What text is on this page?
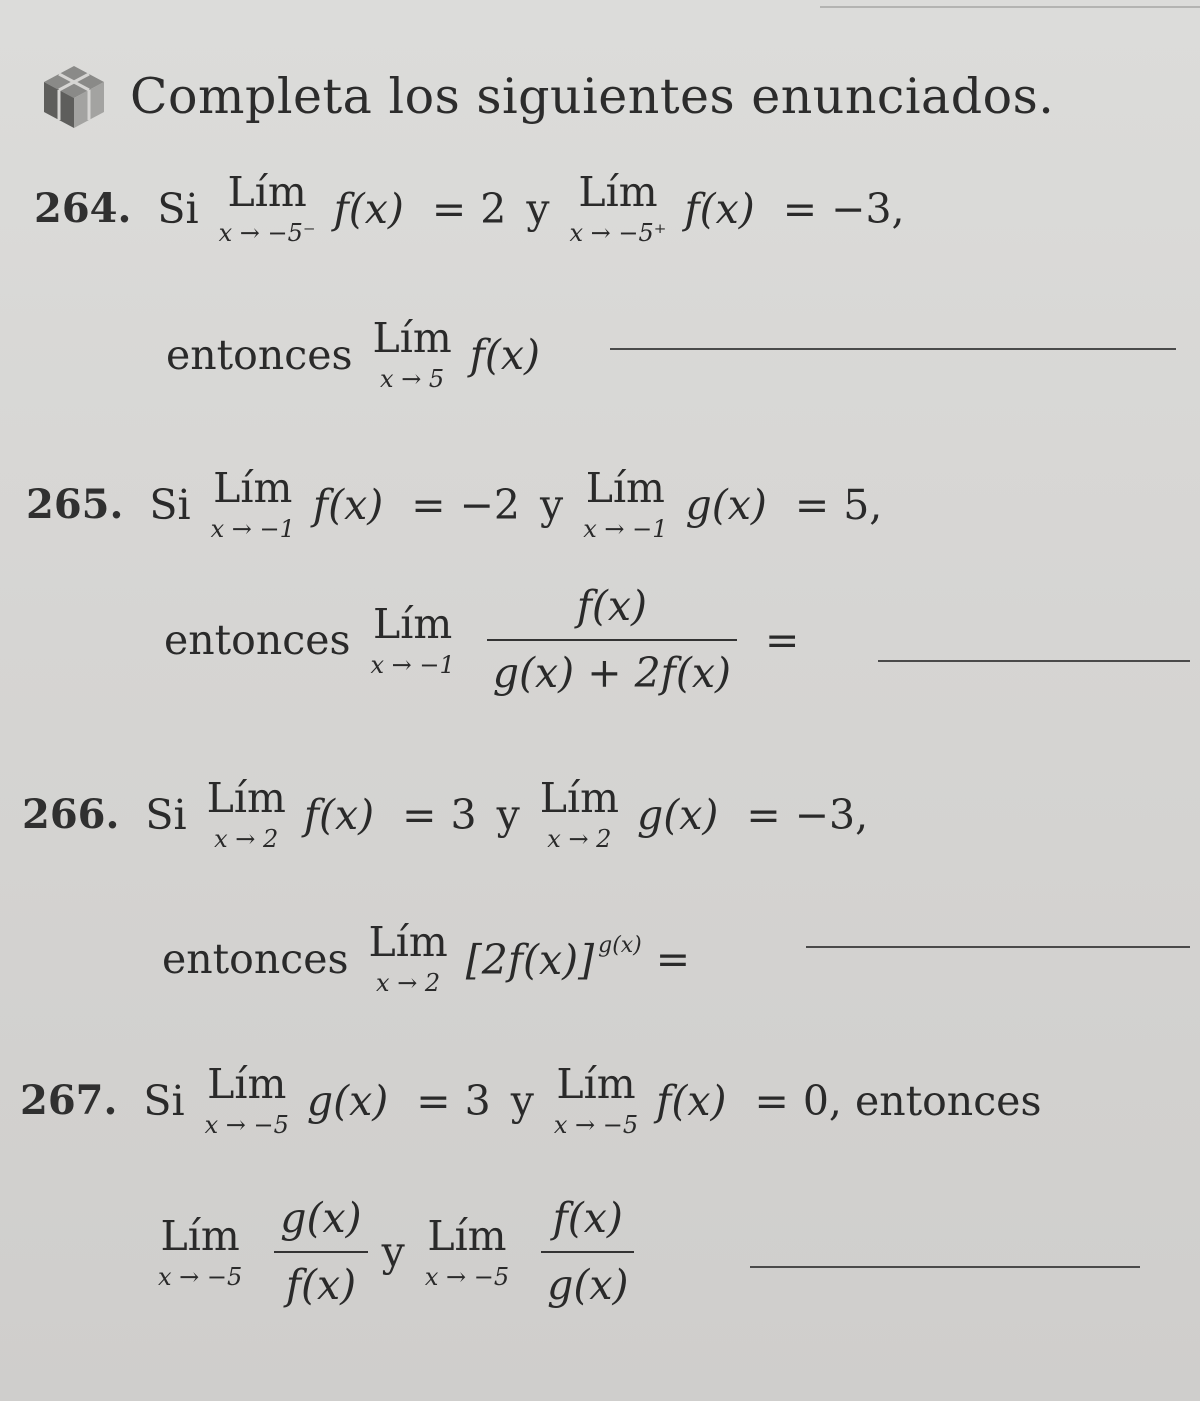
Completa los siguientes enunciados.
264. Si Lím
x → −5⁻
f(x) = 2 y Lím
x → −5⁺
f(x) = −3,
entonces Lím
x → 5
f(x)
265. Si Lím
x → −1
f(x) = −2 y Lím
x → −1
g(x) = 5,
entonces Lím
$x \to -1 \frac{f(x)}{g(x) + 2f(x)}$ =
266. Si Lím
x → 2
f(x) = 3 y Lím
x → 2
g(x) = −3,
entonces Lím
x → 2 [2f(x)] $^{g(x)}$ =
267. Si Lím
x → −5
g(x) = 3 y Lím
x → −5
f(x) = 0, entonces
Lím
$x \to -5 \frac{g(x)}{f(x)}$ y Lím
$x \to -5 \frac{f(x)}{g(x)}$
